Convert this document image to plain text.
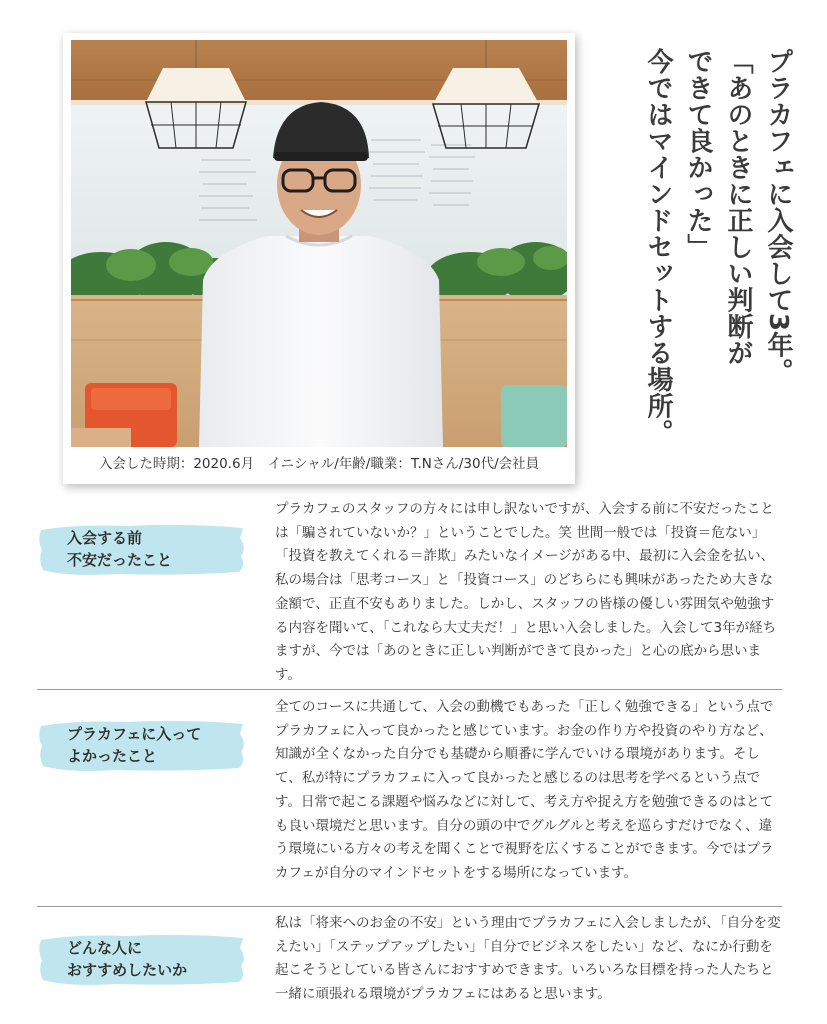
入会した時期：2020.6月　イニシャル/年齢/職業：T.Nさん/30代/会社員
プラカフェに入会して3年。
「あのときに正しい判断が
できて良かった」
今ではマインドセットする場所。
入会する前
不安だったこと

プラカフェのスタッフの方々には申し訳ないですが、入会する前に不安だったことは「騙されていないか？」ということでした。笑 世間一般では「投資＝危ない」「投資を教えてくれる＝詐欺」みたいなイメージがある中、最初に入会金を払い、私の場合は「思考コース」と「投資コース」のどちらにも興味があったため大きな金額で、正直不安もありました。しかし、スタッフの皆様の優しい雰囲気や勉強する内容を聞いて、「これなら大丈夫だ！」と思い入会しました。入会して3年が経ちますが、今では「あのときに正しい判断ができて良かった」と心の底から思います。

プラカフェに入って
よかったこと

全てのコースに共通して、入会の動機でもあった「正しく勉強できる」という点でプラカフェに入って良かったと感じています。お金の作り方や投資のやり方など、知識が全くなかった自分でも基礎から順番に学んでいける環境があります。そして、私が特にプラカフェに入って良かったと感じるのは思考を学べるという点です。日常で起こる課題や悩みなどに対して、考え方や捉え方を勉強できるのはとても良い環境だと思います。自分の頭の中でグルグルと考えを巡らすだけでなく、違う環境にいる方々の考えを聞くことで視野を広くすることができます。今ではプラカフェが自分のマインドセットをする場所になっています。

どんな人に
おすすめしたいか

私は「将来へのお金の不安」という理由でプラカフェに入会しましたが、「自分を変えたい」「ステップアップしたい」「自分でビジネスをしたい」など、なにか行動を起こそうとしている皆さんにおすすめできます。いろいろな目標を持った人たちと一緒に頑張れる環境がプラカフェにはあると思います。
